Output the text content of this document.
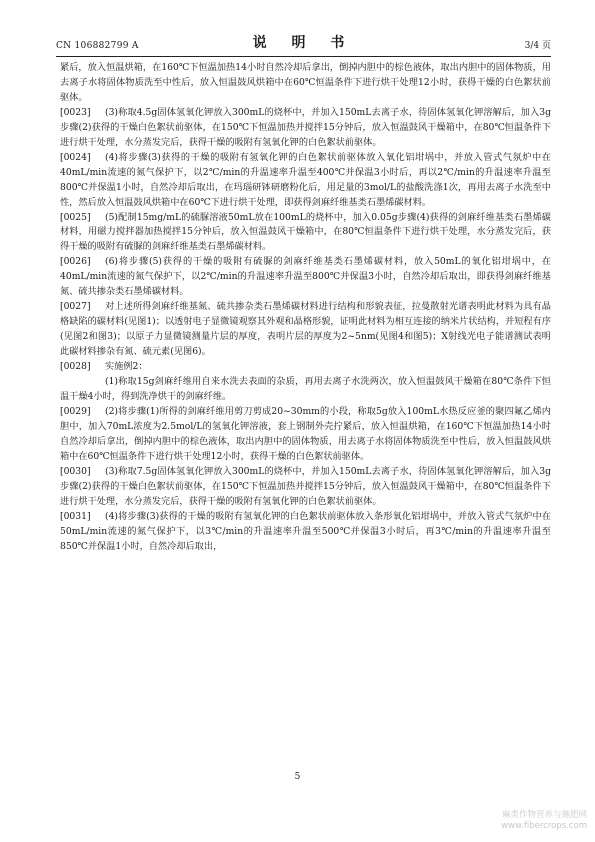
CN 106882799 A	说 明 书	3/4 页

紧后，放入恒温烘箱，在160℃下恒温加热14小时自然冷却后拿出，倒掉内胆中的棕色液体，取出内胆中的固体物质，用去离子水将固体物质洗至中性后，放入恒温鼓风烘箱中在60℃恒温条件下进行烘干处理12小时，获得干燥的白色絮状前驱体。

[0023] (3)称取4.5g固体氢氧化钾放入300mL的烧杯中，并加入150mL去离子水，待固体氢氧化钾溶解后，加入3g步骤(2)获得的干燥白色絮状前驱体，在150℃下恒温加热并搅拌15分钟后，放入恒温鼓风干燥箱中，在80℃恒温条件下进行烘干处理，水分蒸发完后，获得干燥的吸附有氢氧化钾的白色絮状前驱体。

[0024] (4)将步骤(3)获得的干燥的吸附有氢氧化钾的白色絮状前驱体放入氧化铝坩埚中，并放入管式气氛炉中在40mL/min流速的氮气保护下，以2℃/min的升温速率升温至400℃并保温3小时后，再以2℃/min的升温速率升温至800℃并保温1小时，自然冷却后取出，在玛瑙研钵研磨粉化后，用足量的3mol/L的盐酸洗涤1次，再用去离子水洗至中性，然后放入恒温鼓风烘箱中在60℃下进行烘干处理，即获得剑麻纤维基类石墨烯碳材料。

[0025] (5)配制15mg/mL的硫脲溶液50mL放在100mL的烧杯中，加入0.05g步骤(4)获得的剑麻纤维基类石墨烯碳材料，用磁力搅拌器加热搅拌15分钟后，放入恒温鼓风干燥箱中，在80℃恒温条件下进行烘干处理，水分蒸发完后，获得干燥的吸附有硫脲的剑麻纤维基类石墨烯碳材料。

[0026] (6)将步骤(5)获得的干燥的吸附有硫脲的剑麻纤维基类石墨烯碳材料，放入50mL的氧化铝坩埚中，在40mL/min流速的氮气保护下，以2℃/min的升温速率升温至800℃并保温3小时，自然冷却后取出，即获得剑麻纤维基氮、硫共掺杂类石墨烯碳材料。

[0027] 对上述所得剑麻纤维基氮、硫共掺杂类石墨烯碳材料进行结构和形貌表征，拉曼散射光谱表明此材料为具有晶格缺陷的碳材料(见图1)；以透射电子显微镜观察其外观和晶格形貌，证明此材料为相互连接的纳米片状结构，并短程有序(见图2和图3)；以原子力显微镜测量片层的厚度，表明片层的厚度为2~5nm(见图4和图5)；X射线光电子能谱测试表明此碳材料掺杂有氮、硫元素(见图6)。

[0028] 实施例2：

(1)称取15g剑麻纤维用自来水洗去表面的杂质，再用去离子水洗两次，放入恒温鼓风干燥箱在80℃条件下恒温干燥4小时，得到洗净烘干的剑麻纤维。

[0029] (2)将步骤(1)所得的剑麻纤维用剪刀剪成20~30mm的小段，称取5g放入100mL水热反应釜的聚四氟乙烯内胆中，加入70mL浓度为2.5mol/L的氢氧化钾溶液，套上钢制外壳拧紧后，放入恒温烘箱，在160℃下恒温加热14小时自然冷却后拿出，倒掉内胆中的棕色液体，取出内胆中的固体物质，用去离子水将固体物质洗至中性后，放入恒温鼓风烘箱中在60℃恒温条件下进行烘干处理12小时，获得干燥的白色絮状前驱体。

[0030] (3)称取7.5g固体氢氧化钾放入300mL的烧杯中，并加入150mL去离子水，待固体氢氧化钾溶解后，加入3g步骤(2)获得的干燥白色絮状前驱体，在150℃下恒温加热并搅拌15分钟后，放入恒温鼓风干燥箱中，在80℃恒温条件下进行烘干处理，水分蒸发完后，获得干燥的吸附有氢氧化钾的白色絮状前驱体。

[0031] (4)将步骤(3)获得的干燥的吸附有氢氧化钾的白色絮状前驱体放入条形氧化铝坩埚中，并放入管式气氛炉中在50mL/min流速的氮气保护下，以3℃/min的升温速率升温至500℃并保温3小时后，再3℃/min的升温速率升温至850℃并保温1小时，自然冷却后取出，

5
麻类作物营养与施肥网
www.fibercrops.com
